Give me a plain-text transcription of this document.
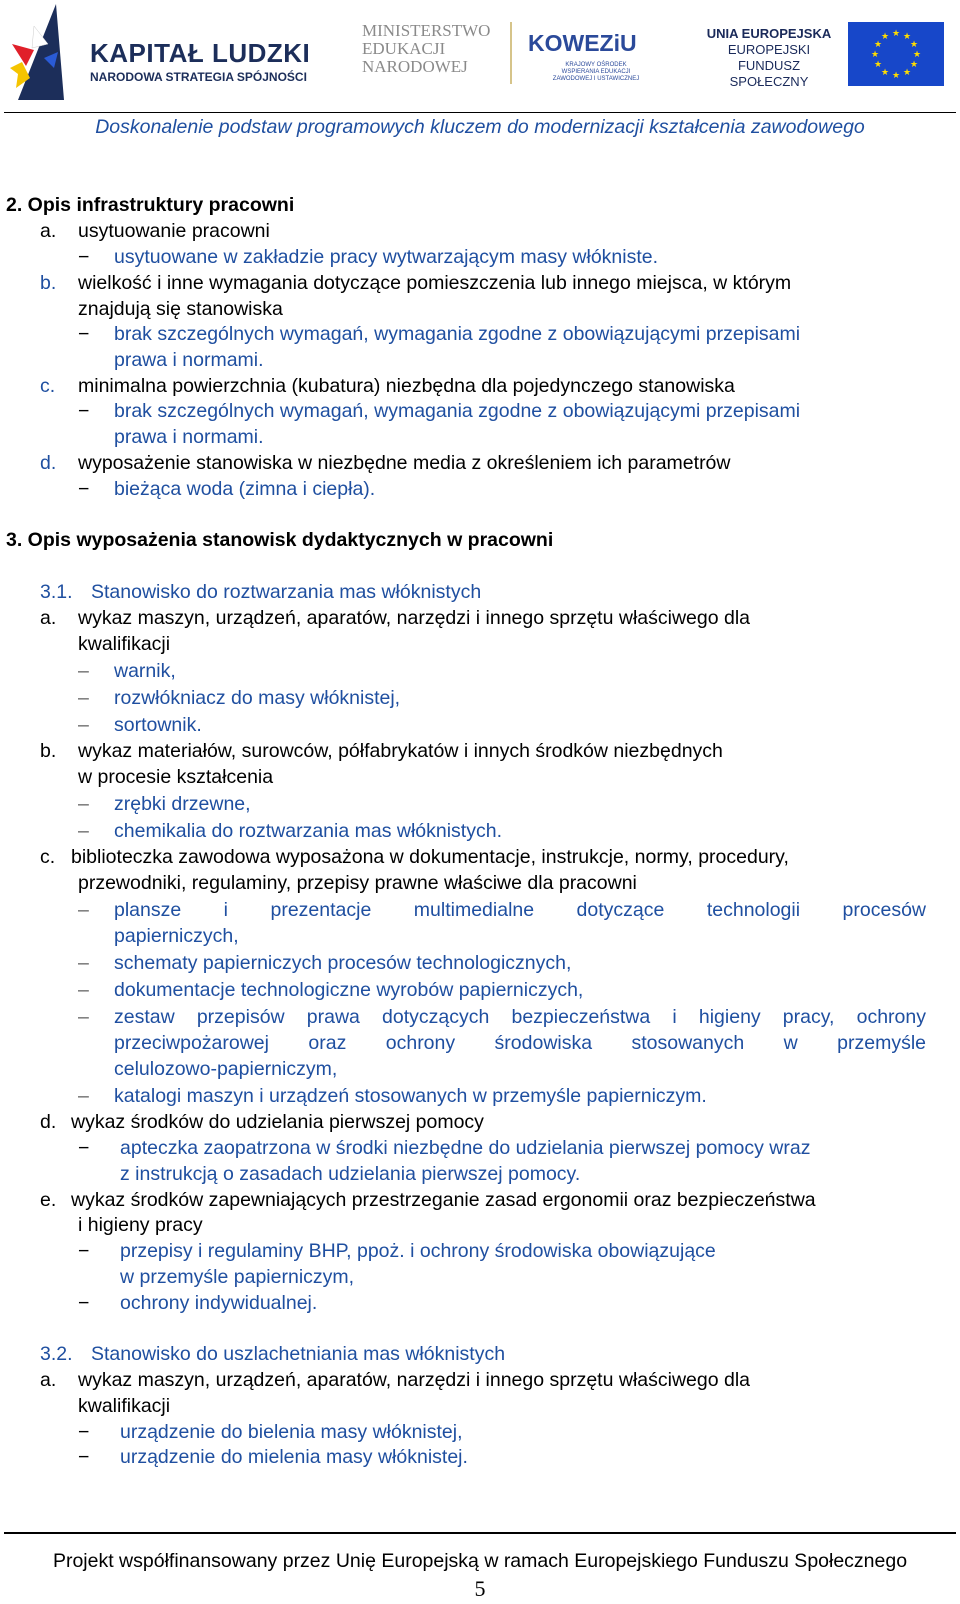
KAPITAŁ LUDZKI
NARODOWA STRATEGIA SPÓJNOŚCI
MINISTERSTWO
EDUKACJI
NARODOWEJ
KOWEZiU
KRAJOWY OŚRODEK WSPIERANIA EDUKACJI ZAWODOWEJ I USTAWICZNEJ
UNIA EUROPEJSKA
EUROPEJSKI
FUNDUSZ SPOŁECZNY
★ ★
★
★
★
★
★
★
★
★
★
★
Doskonalenie podstaw programowych kluczem do modernizacji kształcenia zawodowego
2. Opis infrastruktury pracowni
a. usytuowanie pracowni
− usytuowane w zakładzie pracy wytwarzającym masy włókniste.
b. wielkość i inne wymagania dotyczące pomieszczenia lub innego miejsca, w którym
znajdują się stanowiska
− brak szczególnych wymagań, wymagania zgodne z obowiązującymi przepisami
prawa i normami.
c. minimalna powierzchnia (kubatura) niezbędna dla pojedynczego stanowiska
− brak szczególnych wymagań, wymagania zgodne z obowiązującymi przepisami
prawa i normami.
d. wyposażenie stanowiska w niezbędne media z określeniem ich parametrów
− bieżąca woda (zimna i ciepła).
3. Opis wyposażenia stanowisk dydaktycznych w pracowni
3.1. Stanowisko do roztwarzania mas włóknistych
a. wykaz maszyn, urządzeń, aparatów, narzędzi i innego sprzętu właściwego dla
kwalifikacji
– warnik,
– rozwłókniacz do masy włóknistej,
– sortownik.
b. wykaz materiałów, surowców, półfabrykatów i innych środków niezbędnych
w procesie kształcenia
– zrębki drzewne,
– chemikalia do roztwarzania mas włóknistych.
c. biblioteczka zawodowa wyposażona w dokumentacje, instrukcje, normy, procedury,
przewodniki, regulaminy, przepisy prawne właściwe dla pracowni
– plansze i prezentacje multimedialne dotyczące technologii procesów
papierniczych,
– schematy papierniczych procesów technologicznych,
– dokumentacje technologiczne wyrobów papierniczych,
– zestaw przepisów prawa dotyczących bezpieczeństwa i higieny pracy, ochrony
przeciwpożarowej oraz ochrony środowiska stosowanych w przemyśle
celulozowo-papierniczym,
– katalogi maszyn i urządzeń stosowanych w przemyśle papierniczym.
d. wykaz środków do udzielania pierwszej pomocy
− apteczka zaopatrzona w środki niezbędne do udzielania pierwszej pomocy wraz
z instrukcją o zasadach udzielania pierwszej pomocy.
e. wykaz środków zapewniających przestrzeganie zasad ergonomii oraz bezpieczeństwa
i higieny pracy
− przepisy i regulaminy BHP, ppoż. i ochrony środowiska obowiązujące
w przemyśle papierniczym,
− ochrony indywidualnej.
3.2. Stanowisko do uszlachetniania mas włóknistych
a. wykaz maszyn, urządzeń, aparatów, narzędzi i innego sprzętu właściwego dla
kwalifikacji
− urządzenie do bielenia masy włóknistej,
− urządzenie do mielenia masy włóknistej.
Projekt współfinansowany przez Unię Europejską w ramach Europejskiego Funduszu Społecznego
5
